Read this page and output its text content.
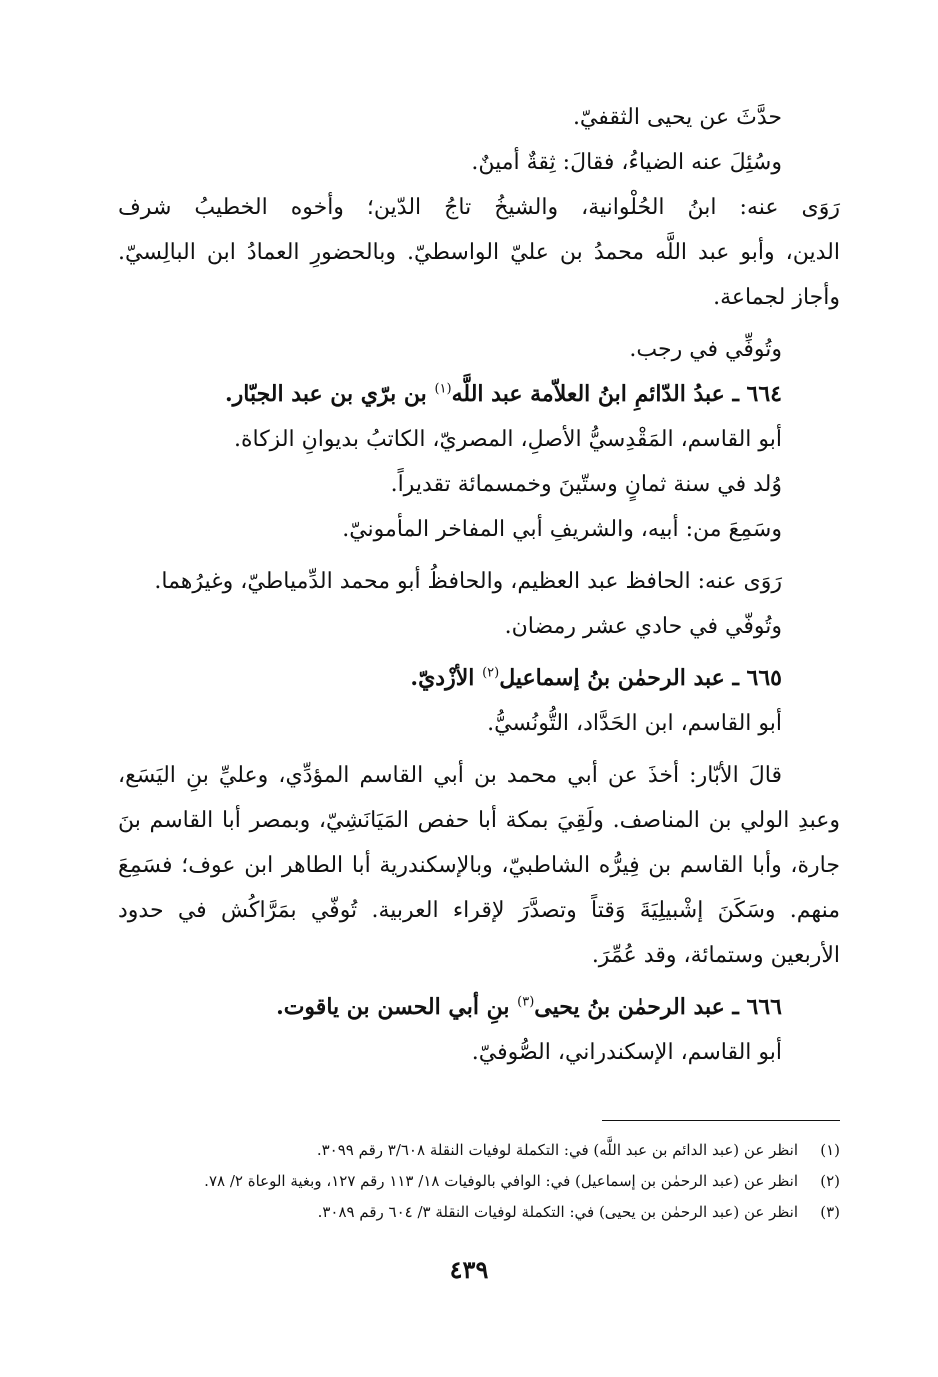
حدَّثَ عن يحيى الثقفيّ.

وسُئِلَ عنه الضياءُ، فقالَ: ثِقةٌ أمينٌ.

رَوَى عنه: ابنُ الحُلْوانية، والشيخُ تاجُ الدّين؛ وأخوه الخطيبُ شرف

الدين، وأبو عبد اللَّه محمدُ بن عليّ الواسطيّ. وبالحضورِ العمادُ ابن البالِسيّ.

وأجاز لجماعة.

وتُوفِّي في رجب.

٦٦٤ ـ عبدُ الدّائمِ ابنُ العلاّمة عبد اللَّه$^{(١)}$ بن برّي بن عبد الجبّار.

أبو القاسم، المَقْدِسيُّ الأصلِ، المصريّ، الكاتبُ بديوانِ الزكاة.

وُلد في سنة ثمانٍ وستّينَ وخمسمائة تقديراً.

وسَمِعَ من: أبيه، والشريفِ أبي المفاخر المأمونيّ.

رَوَى عنه: الحافظ عبد العظيم، والحافظُ أبو محمد الدِّمياطيّ، وغيرُهما.

وتُوفّي في حادي عشر رمضان.

٦٦٥ ـ عبد الرحمٰن بنُ إسماعيل$^{(٢)}$ الأزْديّ.

أبو القاسم، ابن الحَدَّاد، التُّونُسيُّ.

قالَ الأبّار: أخذَ عن أبي محمد بن أبي القاسم المؤدِّي، وعليِّ بنِ اليَسَع،

وعبدِ الولي بن المناصف. ولَقِيَ بمكة أبا حفص المَيَانَشِيّ، وبمصر أبا القاسم بنَ

جارة، وأبا القاسم بن فِيرُّه الشاطبيّ، وبالإسكندرية أبا الطاهر ابن عوف؛ فسَمِعَ

منهم. وسَكَنَ إشْبيلِيَةَ وَقتاً وتصدَّرَ لإقراء العربية. تُوفّي بمَرَّاكُش في حدود

الأربعين وستمائة، وقد عُمِّرَ.

٦٦٦ ـ عبد الرحمٰن بنُ يحيى$^{(٣)}$ بنِ أبي الحسن بن ياقوت.

أبو القاسم، الإسكندراني، الصُّوفيّ.

(١)انظر عن (عبد الدائم بن عبد اللَّه) في: التكملة لوفيات النقلة ٣/٦٠٨ رقم ٣٠٩٩.

(٢)انظر عن (عبد الرحمٰن بن إسماعيل) في: الوافي بالوفيات ١٨/ ١١٣ رقم ١٢٧، وبغية الوعاة ٢/ ٧٨.

(٣)انظر عن (عبد الرحمٰن بن يحيى) في: التكملة لوفيات النقلة ٣/ ٦٠٤ رقم ٣٠٨٩.

٤٣٩
